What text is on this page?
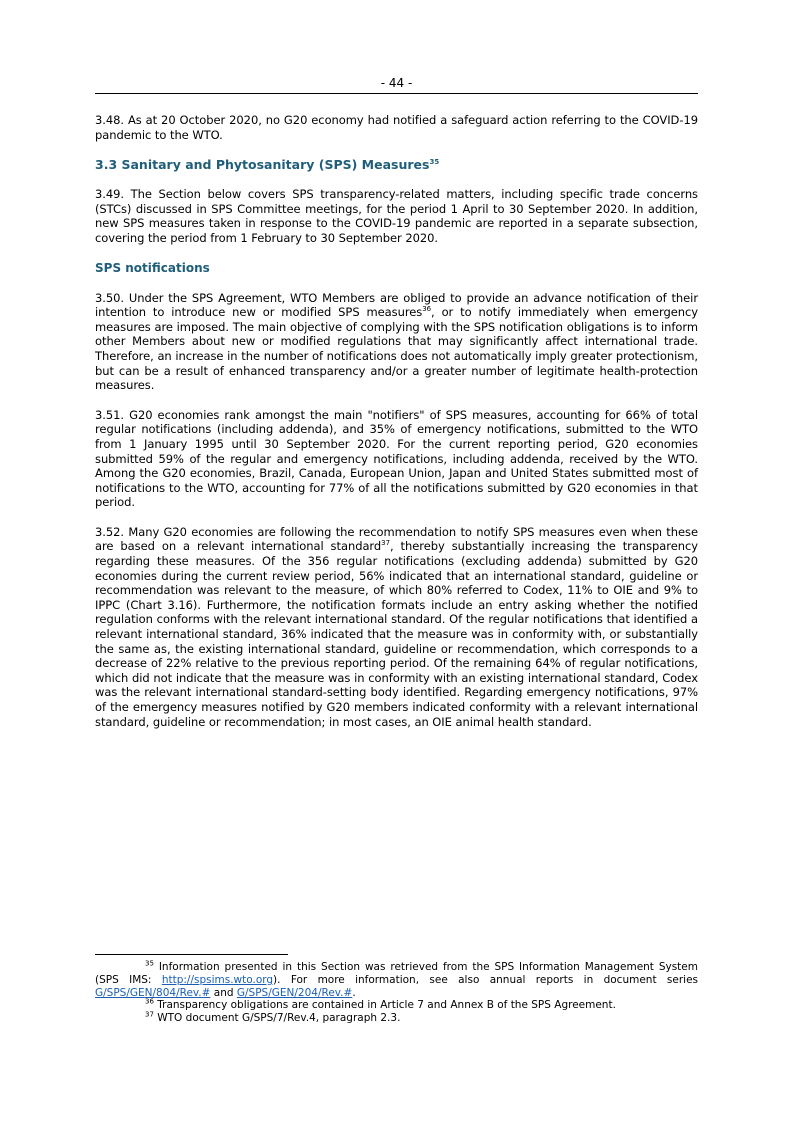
- 44 -

3.48. As at 20 October 2020, no G20 economy had notified a safeguard action referring to the COVID-19 pandemic to the WTO.

3.3 Sanitary and Phytosanitary (SPS) Measures$^{35}$

3.49. The Section below covers SPS transparency-related matters, including specific trade concerns (STCs) discussed in SPS Committee meetings, for the period 1 April to 30 September 2020. In addition, new SPS measures taken in response to the COVID-19 pandemic are reported in a separate subsection, covering the period from 1 February to 30 September 2020.

SPS notifications

3.50. Under the SPS Agreement, WTO Members are obliged to provide an advance notification of their intention to introduce new or modified SPS measures$^{36}$, or to notify immediately when emergency measures are imposed. The main objective of complying with the SPS notification obligations is to inform other Members about new or modified regulations that may significantly affect international trade. Therefore, an increase in the number of notifications does not automatically imply greater protectionism, but can be a result of enhanced transparency and/or a greater number of legitimate health-protection measures.

3.51. G20 economies rank amongst the main "notifiers" of SPS measures, accounting for 66% of total regular notifications (including addenda), and 35% of emergency notifications, submitted to the WTO from 1 January 1995 until 30 September 2020. For the current reporting period, G20 economies submitted 59% of the regular and emergency notifications, including addenda, received by the WTO. Among the G20 economies, Brazil, Canada, European Union, Japan and United States submitted most of notifications to the WTO, accounting for 77% of all the notifications submitted by G20 economies in that period.

3.52. Many G20 economies are following the recommendation to notify SPS measures even when these are based on a relevant international standard$^{37}$, thereby substantially increasing the transparency regarding these measures. Of the 356 regular notifications (excluding addenda) submitted by G20 economies during the current review period, 56% indicated that an international standard, guideline or recommendation was relevant to the measure, of which 80% referred to Codex, 11% to OIE and 9% to IPPC (Chart 3.16). Furthermore, the notification formats include an entry asking whether the notified regulation conforms with the relevant international standard. Of the regular notifications that identified a relevant international standard, 36% indicated that the measure was in conformity with, or substantially the same as, the existing international standard, guideline or recommendation, which corresponds to a decrease of 22% relative to the previous reporting period. Of the remaining 64% of regular notifications, which did not indicate that the measure was in conformity with an existing international standard, Codex was the relevant international standard-setting body identified. Regarding emergency notifications, 97% of the emergency measures notified by G20 members indicated conformity with a relevant international standard, guideline or recommendation; in most cases, an OIE animal health standard.

$^{35}$ Information presented in this Section was retrieved from the SPS Information Management System (SPS IMS: http://spsims.wto.org). For more information, see also annual reports in document series G/SPS/GEN/804/Rev.# and G/SPS/GEN/204/Rev.#.

$^{36}$ Transparency obligations are contained in Article 7 and Annex B of the SPS Agreement.

$^{37}$ WTO document G/SPS/7/Rev.4, paragraph 2.3.
